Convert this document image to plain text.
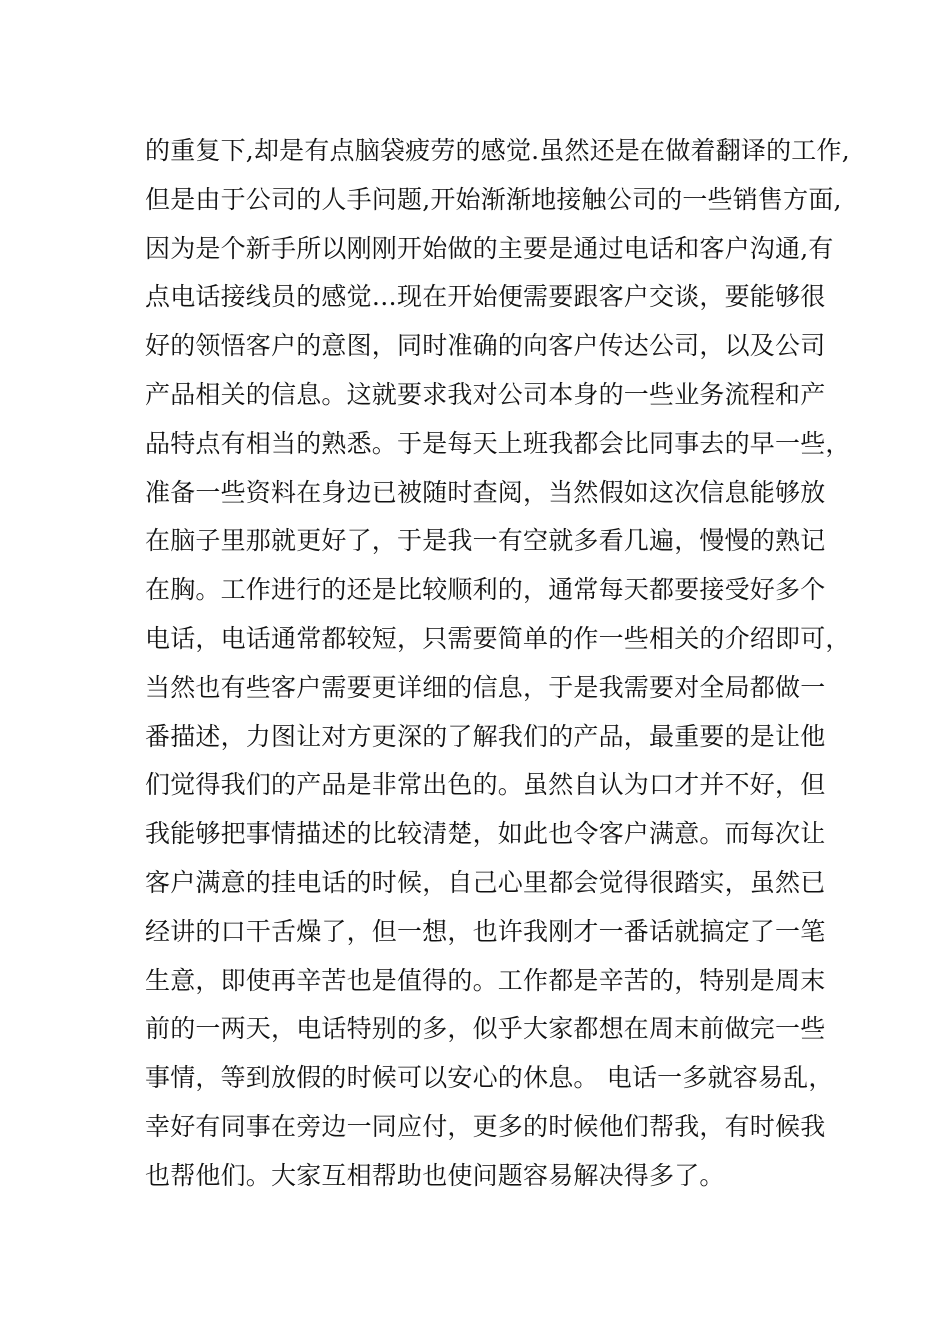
的重复下,却是有点脑袋疲劳的感觉.虽然还是在做着翻译的工作,
但是由于公司的人手问题,开始渐渐地接触公司的一些销售方面,
因为是个新手所以刚刚开始做的主要是通过电话和客户沟通,有
点电话接线员的感觉…现在开始便需要跟客户交谈，要能够很
好的领悟客户的意图，同时准确的向客户传达公司，以及公司
产品相关的信息。这就要求我对公司本身的一些业务流程和产
品特点有相当的熟悉。于是每天上班我都会比同事去的早一些，
准备一些资料在身边已被随时查阅，当然假如这次信息能够放
在脑子里那就更好了，于是我一有空就多看几遍，慢慢的熟记
在胸。工作进行的还是比较顺利的，通常每天都要接受好多个
电话，电话通常都较短，只需要简单的作一些相关的介绍即可，
当然也有些客户需要更详细的信息，于是我需要对全局都做一
番描述，力图让对方更深的了解我们的产品，最重要的是让他
们觉得我们的产品是非常出色的。虽然自认为口才并不好，但
我能够把事情描述的比较清楚，如此也令客户满意。而每次让
客户满意的挂电话的时候，自己心里都会觉得很踏实，虽然已
经讲的口干舌燥了，但一想，也许我刚才一番话就搞定了一笔
生意，即使再辛苦也是值得的。工作都是辛苦的，特别是周末
前的一两天，电话特别的多，似乎大家都想在周末前做完一些
事情，等到放假的时候可以安心的休息。 电话一多就容易乱，
幸好有同事在旁边一同应付，更多的时候他们帮我，有时候我
也帮他们。大家互相帮助也使问题容易解决得多了。
